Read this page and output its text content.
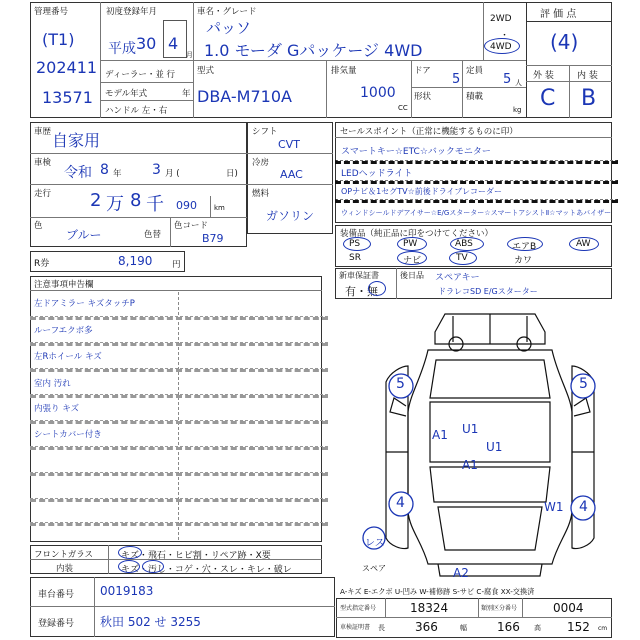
管理番号
(T1)
202411
13571
初度登録年月
平成 30 4
月
車名・グレード
パッソ
1.0 モーダ Gパッケージ 4WD
2WD
・
4WD
ディーラー・並 行
モデル年式	年
ハンドル 左・右
型式
DBA-M710A
排気量
1000
CC
ドア
5
定員
5 人
形状	積載
kg
評 価 点
(4)
外 装	内 装
C B
車歴 自家用
車検
令和 8 年 3 月 (	日)
走行 2 万 8 千 090 km
色
ブルー	色替
色コード
B79
シフト
CVT
冷房
AAC
燃料
ガソリン
セールスポイント（正常に機能するものに印）
スマートキー☆ETC☆バックモニター
LEDヘッドライト
OPナビ＆1セグTV☆前後ドライブレコーダー
ウィンドシールドデアイサー☆E/Gスターター☆スマートアシストⅡ☆マットあバイザー
装備品（純正品に印をつけてください）
PS	PW	ABS	エアB	AW
SR	ナビ	TV	カワ
新車保証書
有・無
後日品 スペアキー
ドラレコSD E/Gスターター
R券	8,190 円
注意事項申告欄
左ドアミラー キズタッチP
ルーフエクボ多
左Rホイール キズ
室内 汚れ
内張り キズ
シートカバー付き
フロントガラス	キズ・飛石・ヒビ割・リペア跡・X要
内装	キズ・汚し・コゲ・穴・スレ・キレ・破レ
車台番号 0019183
登録番号 秋田 502 せ 3255
A-キズ E-エクボ U-凹み W-補修跡 S-サビ C-腐食 XX-交換済
型式指定番号	18324	類別区分番号	0004
車検証明書 長	366	幅	166 高 152 cm
5	5
A1 U1
U1
A1
4	W1 4
レス
スペア	A2
